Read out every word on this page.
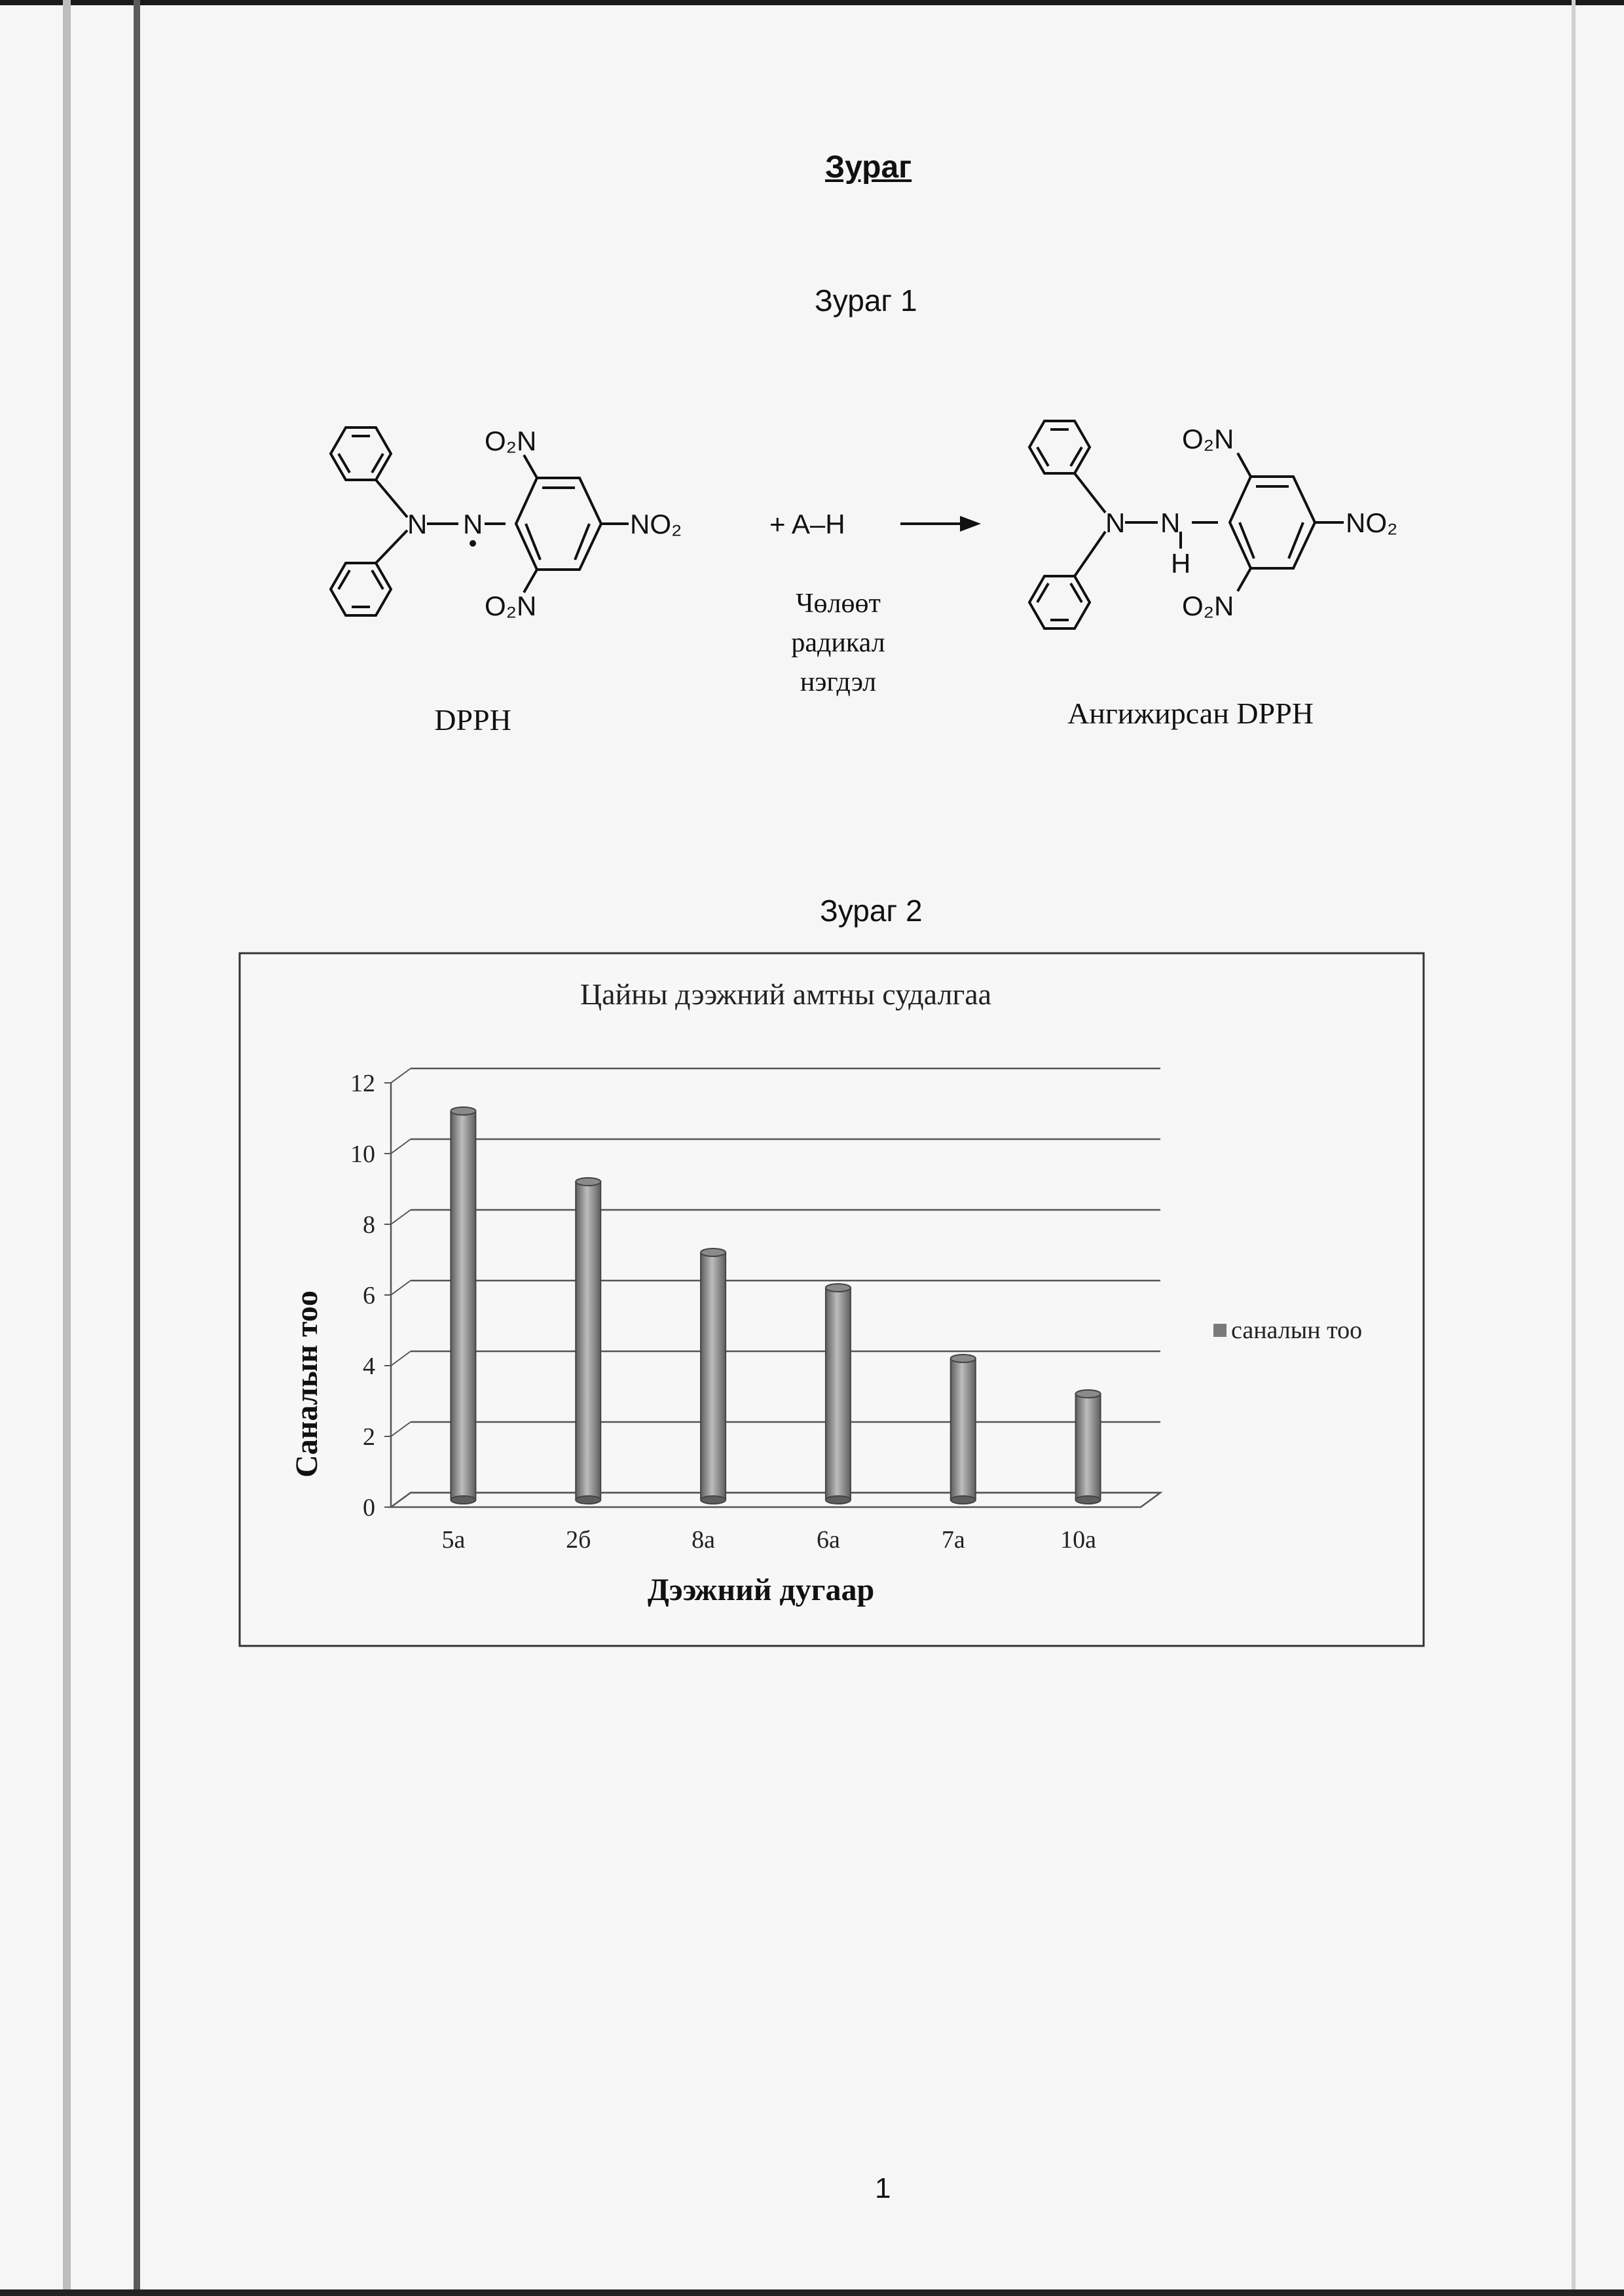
Зураг
Зураг 1
N N
O₂N
O₂N
NO₂	+ A–H	N N
H
O₂N
O₂N
NO₂
Чөлөөт
радикал
нэгдэл
DPPH	Ангижирсан DPPH
Зураг 2
Цайны дээжний амтны судалгаа
Саналын тоо
Дээжний дугаар
0
2
4
6
8
10
12
5а	2б	8а	6а	7а	10а
саналын тоо
1
